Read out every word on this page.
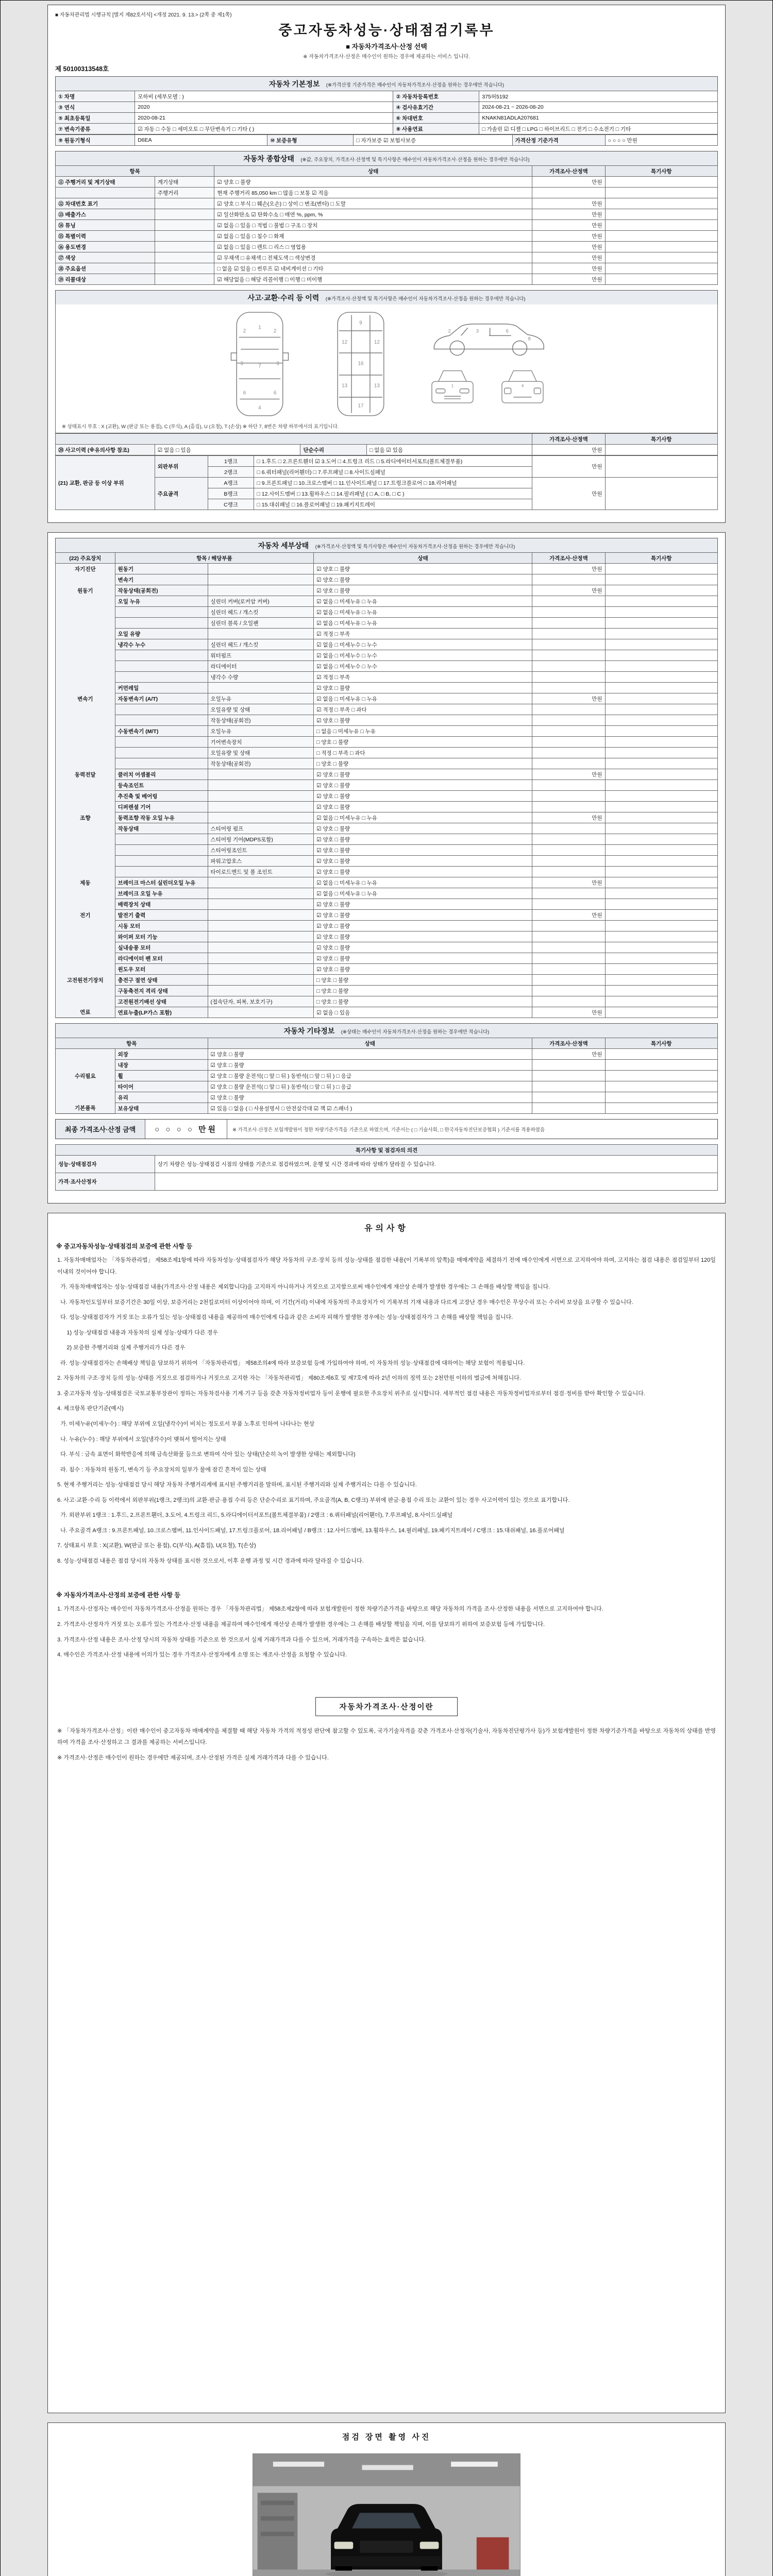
■ 자동차관리법 시행규칙 [별지 제82호서식] <개정 2021. 9. 13.> (2쪽 중 제1쪽)
중고자동차성능·상태점검기록부
■ 자동차가격조사·산정 선택
※ 자동차가격조사·산정은 매수인이 원하는 경우에 제공하는 서비스 입니다.
제 50100313548호
자동차 기본정보 (※가격산정 기준가격은 매수인이 자동차가격조사·산정을 원하는 경우에만 적습니다)
① 차명	모하비 (세부모델 : )	② 자동차등록번호	375허5192
③ 연식	2020	④ 검사유효기간	2024-08-21 ~ 2026-08-20
⑤ 최초등록일	2020-08-21	⑥ 차대번호	KNAKN81ADLA207681
⑦ 변속기종류	☑ 자동 □ 수동 □ 세미오토 □ 무단변속기 □ 기타 ( )	⑧ 사용연료	□ 가솔린 ☑ 디젤 □ LPG □ 하이브리드 □ 전기 □ 수소전기 □ 기타
⑨ 원동기형식	D6EA	⑩ 보증유형	□ 자가보증 ☑ 보험사보증	가격산정 기준가격	○ ○ ○ ○ 만원
자동차 종합상태 (※값, 주요장치, 가격조사·산정액 및 특기사항은 매수인이 자동차가격조사·산정을 원하는 경우에만 적습니다)
항목		상태	가격조사·산정액	특기사항
⑪ 주행거리 및 계기상태	계기상태	☑ 양호 □ 불량	만원	
	주행거리	현재 주행거리 85,050 km □ 많음 □ 보통 ☑ 적음		
⑫ 차대번호 표기		☑ 양호 □ 부식 □ 훼손(오손) □ 상이 □ 변조(변타) □ 도말	만원	
⑬ 배출가스		☑ 일산화탄소 ☑ 탄화수소 □ 매연 %, ppm, %	만원	
⑭ 튜닝		☑ 없음 □ 있음 □ 적법 □ 불법 □ 구조 □ 장치	만원	
⑮ 특별이력		☑ 없음 □ 있음 □ 침수 □ 화재	만원	
⑯ 용도변경		☑ 없음 □ 있음 □ 렌트 □ 리스 □ 영업용	만원	
⑰ 색상		☑ 무채색 □ 유채색 □ 전체도색 □ 색상변경	만원	
⑱ 주요옵션		□ 없음 ☑ 있음 □ 썬루프 ☑ 네비게이션 □ 기타	만원	
⑲ 리콜대상		☑ 해당없음 □ 해당 리콜이행 □ 이행 □ 미이행	만원	
사고·교환·수리 등 이력 (※가격조사·산정액 및 특기사항은 매수인이 자동차가격조사·산정을 원하는 경우에만 적습니다)
1
2	2
3	3
7
6	6
4
9
12	12
16
13	13
17
2	3	6
8
1	4
※ 상태표시 부호 : X (교환), W (판금 또는 용접), C (부식), A (흠집), U (요철), T (손상) ※ 하단 7, 8번은 차량 하부에서의 표기입니다.
				가격조사·산정액	특기사항
⑳ 사고이력 (※유의사항 참조)	☑ 없음 □ 있음	단순수리	□ 없음 ☑ 있음	만원	
(21) 교환, 판금 등 이상 부위	외판부위	1랭크	□ 1.후드 □ 2.프론트휀더 ☑ 3.도어 □ 4.트렁크 리드 □ 5.라디에이터서포트(볼트체결부품)	만원	
		2랭크	□ 6.쿼터패널(리어휀더) □ 7.루프패널 □ 8.사이드실패널		
	주요골격	A랭크	□ 9.프론트패널 □ 10.크로스멤버 □ 11.인사이드패널 □ 17.트렁크플로어 □ 18.리어패널	만원	
		B랭크	□ 12.사이드멤버 □ 13.휠하우스 □ 14.필러패널 ( □ A, □ B, □ C )		
		C랭크	□ 15.대쉬패널 □ 16.플로어패널 □ 19.패키지트레이		
자동차 세부상태 (※가격조사·산정액 및 특기사항은 매수인이 자동차가격조사·산정을 원하는 경우에만 적습니다)
(22) 주요장치	항목 / 해당부품		상태	가격조사·산정액	특기사항
자기진단	원동기		☑ 양호 □ 불량	만원	
	변속기		☑ 양호 □ 불량		
원동기	작동상태(공회전)		☑ 양호 □ 불량	만원	
	오일 누유	실린더 커버(로커암 커버)	☑ 없음 □ 미세누유 □ 누유		
		실린더 헤드 / 개스킷	☑ 없음 □ 미세누유 □ 누유		
		실린더 블록 / 오일팬	☑ 없음 □ 미세누유 □ 누유		
	오일 유량		☑ 적정 □ 부족		
	냉각수 누수	실린더 헤드 / 개스킷	☑ 없음 □ 미세누수 □ 누수		
		워터펌프	☑ 없음 □ 미세누수 □ 누수		
		라디에이터	☑ 없음 □ 미세누수 □ 누수		
		냉각수 수량	☑ 적정 □ 부족		
	커먼레일		☑ 양호 □ 불량		
변속기	자동변속기 (A/T)	오일누유	☑ 없음 □ 미세누유 □ 누유	만원	
		오일유량 및 상태	☑ 적정 □ 부족 □ 과다		
		작동상태(공회전)	☑ 양호 □ 불량		
	수동변속기 (M/T)	오일누유	□ 없음 □ 미세누유 □ 누유		
		기어변속장치	□ 양호 □ 불량		
		오일유량 및 상태	□ 적정 □ 부족 □ 과다		
		작동상태(공회전)	□ 양호 □ 불량		
동력전달	클러치 어셈블리		☑ 양호 □ 불량	만원	
	등속조인트		☑ 양호 □ 불량		
	추진축 및 베어링		☑ 양호 □ 불량		
	디퍼렌셜 기어		☑ 양호 □ 불량		
조향	동력조향 작동 오일 누유		☑ 없음 □ 미세누유 □ 누유	만원	
	작동상태	스티어링 펌프	☑ 양호 □ 불량		
		스티어링 기어(MDPS포함)	☑ 양호 □ 불량		
		스티어링조인트	☑ 양호 □ 불량		
		파워고압호스	☑ 양호 □ 불량		
		타이로드엔드 및 볼 조인트	☑ 양호 □ 불량		
제동	브레이크 마스터 실린더오일 누유		☑ 없음 □ 미세누유 □ 누유	만원	
	브레이크 오일 누유		☑ 없음 □ 미세누유 □ 누유		
	배력장치 상태		☑ 양호 □ 불량		
전기	발전기 출력		☑ 양호 □ 불량	만원	
	시동 모터		☑ 양호 □ 불량		
	와이퍼 모터 기능		☑ 양호 □ 불량		
	실내송풍 모터		☑ 양호 □ 불량		
	라디에이터 팬 모터		☑ 양호 □ 불량		
	윈도우 모터		☑ 양호 □ 불량		
고전원전기장치	충전구 절연 상태		□ 양호 □ 불량		
	구동축전지 격리 상태		□ 양호 □ 불량		
	고전원전기배선 상태	(접속단자, 피복, 보호기구)	□ 양호 □ 불량		
연료	연료누출(LP가스 포함)		☑ 없음 □ 있음	만원	
자동차 기타정보 (※상태는 매수인이 자동차가격조사·산정을 원하는 경우에만 적습니다)
항목		상태	가격조사·산정액	특기사항
	외장	☑ 양호 □ 불량	만원	
	내장	☑ 양호 □ 불량		
수리필요	휠	☑ 양호 □ 불량 운전석( □ 앞 □ 뒤 ) 동반석( □ 앞 □ 뒤 ) □ 응급		
	타이어	☑ 양호 □ 불량 운전석( □ 앞 □ 뒤 ) 동반석( □ 앞 □ 뒤 ) □ 응급		
	유리	☑ 양호 □ 불량		
기본품목	보유상태	☑ 있음 □ 없음 ( □ 사용설명서 □ 안전삼각대 ☑ 잭 ☑ 스패너 )		
최종 가격조사·산정 금액	○ ○ ○ ○ 만원	※ 가격조사·산정은 보험개발원이 정한 차량기준가격을 기준으로 하였으며, 기준서는 ( □ 기술사회, □ 한국자동차진단보증협회 ) 기준서를 적용하였음
특기사항 및 점검자의 의견	
성능·상태점검자	상기 차량은 성능·상태점검 시점의 상태를 기준으로 점검하였으며, 운행 및 시간 경과에 따라 상태가 달라질 수 있습니다.
가격·조사산정자	
유의사항
※ 중고자동차성능·상태점검의 보증에 관한 사항 등

1. 자동차매매업자는 「자동차관리법」 제58조제1항에 따라 자동차성능·상태점검자가 해당 자동차의 구조·장치 등의 성능·상태를 점검한 내용(이 기록부의 앞쪽)을 매매계약을 체결하기 전에 매수인에게 서면으로 고지하여야 하며, 고지하는 점검 내용은 점검일부터 120일 이내의 것이어야 합니다.

가. 자동차매매업자는 성능·상태점검 내용(가격조사·산정 내용은 제외합니다)을 고지하지 아니하거나 거짓으로 고지함으로써 매수인에게 재산상 손해가 발생한 경우에는 그 손해를 배상할 책임을 집니다.

나. 자동차인도일부터 보증기간은 30일 이상, 보증거리는 2천킬로미터 이상이어야 하며, 이 기간(거리) 이내에 자동차의 주요장치가 이 기록부의 기재 내용과 다르게 고장난 경우 매수인은 무상수리 또는 수리비 보상을 요구할 수 있습니다.

다. 성능·상태점검자가 거짓 또는 오류가 있는 성능·상태점검 내용을 제공하여 매수인에게 다음과 같은 소비자 피해가 발생한 경우에는 성능·상태점검자가 그 손해를 배상할 책임을 집니다.

1) 성능·상태점검 내용과 자동차의 실제 성능·상태가 다른 경우

2) 보증한 주행거리와 실제 주행거리가 다른 경우

라. 성능·상태점검자는 손해배상 책임을 담보하기 위하여 「자동차관리법」 제58조의4에 따라 보증보험 등에 가입하여야 하며, 이 자동차의 성능·상태점검에 대하여는 해당 보험이 적용됩니다.

2. 자동차의 구조·장치 등의 성능·상태를 거짓으로 점검하거나 거짓으로 고지한 자는 「자동차관리법」 제80조제6호 및 제7호에 따라 2년 이하의 징역 또는 2천만원 이하의 벌금에 처해집니다.

3. 중고자동차 성능·상태점검은 국토교통부장관이 정하는 자동차검사용 기계·기구 등을 갖춘 자동차정비업자 등이 운행에 필요한 주요장치 위주로 실시합니다. 세부적인 점검 내용은 자동차정비업자로부터 점검·정비를 받아 확인할 수 있습니다.

4. 체크항목 판단기준(예시)

가. 미세누유(미세누수) : 해당 부위에 오일(냉각수)이 비치는 정도로서 부품 노후로 인하여 나타나는 현상

나. 누유(누수) : 해당 부위에서 오일(냉각수)이 맺혀서 떨어지는 상태

다. 부식 : 금속 표면이 화학반응에 의해 금속산화물 등으로 변하여 삭아 있는 상태(단순히 녹이 발생한 상태는 제외합니다)

라. 침수 : 자동차의 원동기, 변속기 등 주요장치의 일부가 물에 잠긴 흔적이 있는 상태

5. 현재 주행거리는 성능·상태점검 당시 해당 자동차 주행거리계에 표시된 주행거리를 말하며, 표시된 주행거리와 실제 주행거리는 다를 수 있습니다.

6. 사고·교환·수리 등 이력에서 외판부위(1랭크, 2랭크)의 교환·판금·용접 수리 등은 단순수리로 표기하며, 주요골격(A, B, C랭크) 부위에 판금·용접 수리 또는 교환이 있는 경우 사고이력이 있는 것으로 표기합니다.

가. 외판부위 1랭크 : 1.후드, 2.프론트휀더, 3.도어, 4.트렁크 리드, 5.라디에이터서포트(볼트체결부품) / 2랭크 : 6.쿼터패널(리어휀더), 7.루프패널, 8.사이드실패널

나. 주요골격 A랭크 : 9.프론트패널, 10.크로스멤버, 11.인사이드패널, 17.트렁크플로어, 18.리어패널 / B랭크 : 12.사이드멤버, 13.휠하우스, 14.필러패널, 19.패키지트레이 / C랭크 : 15.대쉬패널, 16.플로어패널

7. 상태표시 부호 : X(교환), W(판금 또는 용접), C(부식), A(흠집), U(요철), T(손상)

8. 성능·상태점검 내용은 점검 당시의 자동차 상태를 표시한 것으로서, 이후 운행 과정 및 시간 경과에 따라 달라질 수 있습니다.

※ 자동차가격조사·산정의 보증에 관한 사항 등

1. 가격조사·산정자는 매수인이 자동차가격조사·산정을 원하는 경우 「자동차관리법」 제58조제2항에 따라 보험개발원이 정한 차량기준가격을 바탕으로 해당 자동차의 가격을 조사·산정한 내용을 서면으로 고지하여야 합니다.

2. 가격조사·산정자가 거짓 또는 오류가 있는 가격조사·산정 내용을 제공하여 매수인에게 재산상 손해가 발생한 경우에는 그 손해를 배상할 책임을 지며, 이를 담보하기 위하여 보증보험 등에 가입합니다.

3. 가격조사·산정 내용은 조사·산정 당시의 자동차 상태를 기준으로 한 것으로서 실제 거래가격과 다를 수 있으며, 거래가격을 구속하는 효력은 없습니다.

4. 매수인은 가격조사·산정 내용에 이의가 있는 경우 가격조사·산정자에게 소명 또는 재조사·산정을 요청할 수 있습니다.

자동차가격조사·산정이란

※ 「자동차가격조사·산정」이란 매수인이 중고자동차 매매계약을 체결할 때 해당 자동차 가격의 적정성 판단에 참고할 수 있도록, 국가기술자격을 갖춘 가격조사·산정자(기술사, 자동차진단평가사 등)가 보험개발원이 정한 차량기준가격을 바탕으로 자동차의 상태를 반영하여 가격을 조사·산정하고 그 결과를 제공하는 서비스입니다.

※ 가격조사·산정은 매수인이 원하는 경우에만 제공되며, 조사·산정된 가격은 실제 거래가격과 다를 수 있습니다.

점검 장면 촬영 사진
